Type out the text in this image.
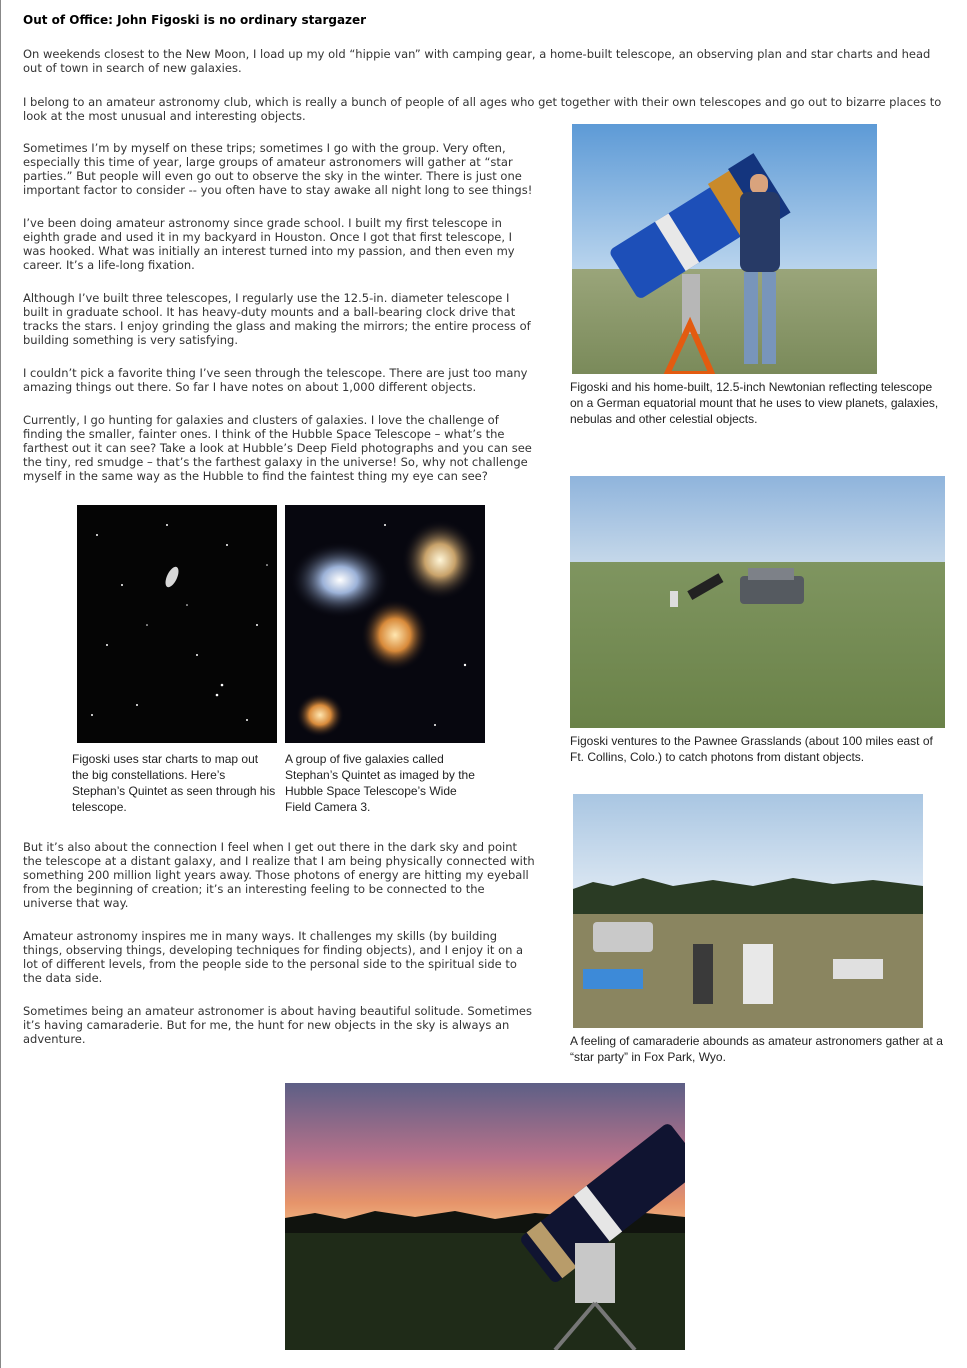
Out of Office: John Figoski is no ordinary stargazer

On weekends closest to the New Moon, I load up my old “hippie van” with camping gear, a home-built telescope, an observing plan and star charts and head out of town in search of new galaxies.

I belong to an amateur astronomy club, which is really a bunch of people of all ages who get together with their own telescopes and go out to bizarre places to look at the most unusual and interesting objects.

Sometimes I’m by myself on these trips; sometimes I go with the group. Very often, especially this time of year, large groups of amateur astronomers will gather at “star parties.” But people will even go out to observe the sky in the winter. There is just one important factor to consider -- you often have to stay awake all night long to see things!

I’ve been doing amateur astronomy since grade school. I built my first telescope in eighth grade and used it in my backyard in Houston. Once I got that first telescope, I was hooked. What was initially an interest turned into my passion, and then even my career. It’s a life-long fixation.

Although I’ve built three telescopes, I regularly use the 12.5-in. diameter telescope I built in graduate school. It has heavy-duty mounts and a ball-bearing clock drive that tracks the stars. I enjoy grinding the glass and making the mirrors; the entire process of building something is very satisfying.

I couldn’t pick a favorite thing I’ve seen through the telescope. There are just too many amazing things out there. So far I have notes on about 1,000 different objects.

Currently, I go hunting for galaxies and clusters of galaxies. I love the challenge of finding the smaller, fainter ones. I think of the Hubble Space Telescope – what’s the farthest out it can see? Take a look at Hubble’s Deep Field photographs and you can see the tiny, red smudge – that’s the farthest galaxy in the universe! So, why not challenge myself in the same way as the Hubble to find the faintest thing my eye can see?

But it’s also about the connection I feel when I get out there in the dark sky and point the telescope at a distant galaxy, and I realize that I am being physically connected with something 200 million light years away. Those photons of energy are hitting my eyeball from the beginning of creation; it’s an interesting feeling to be connected to the universe that way.

Amateur astronomy inspires me in many ways. It challenges my skills (by building things, observing things, developing techniques for finding objects), and I enjoy it on a lot of different levels, from the people side to the personal side to the spiritual side to the data side.

Sometimes being an amateur astronomer is about having beautiful solitude. Sometimes it’s having camaraderie. But for me, the hunt for new objects in the sky is always an adventure.

Figoski and his home-built, 12.5-inch Newtonian reflecting telescope on a German equatorial mount that he uses to view planets, galaxies, nebulas and other celestial objects.
Figoski ventures to the Pawnee Grasslands (about 100 miles east of Ft. Collins, Colo.) to catch photons from distant objects.
Figoski uses star charts to map out the big constellations. Here’s Stephan’s Quintet as seen through his telescope.
A group of five galaxies called Stephan’s Quintet as imaged by the Hubble Space Telescope’s Wide Field Camera 3.
A feeling of camaraderie abounds as amateur astronomers gather at a “star party” in Fox Park, Wyo.
